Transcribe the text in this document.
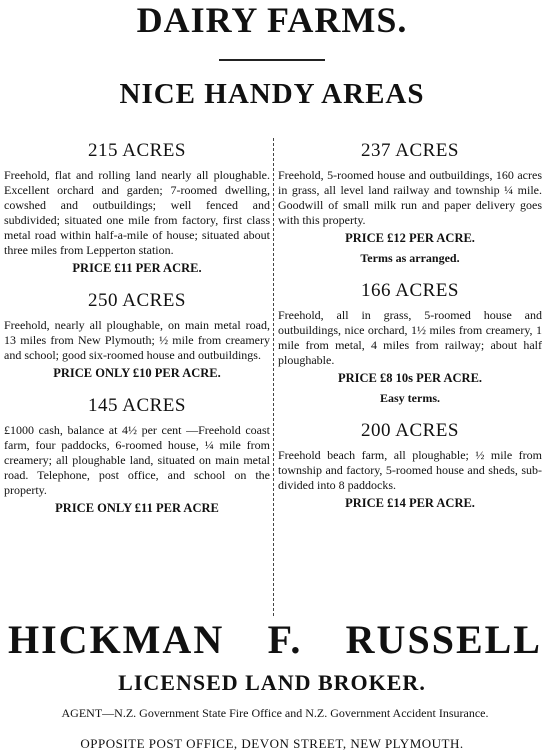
DAIRY FARMS.
NICE HANDY AREAS
215 ACRES
Freehold, flat and rolling land nearly all ploughable. Excellent orchard and garden; 7-roomed dwelling, cowshed and outbuildings; well fenced and subdivided; situated one mile from factory, first class metal road within half-a-mile of house; situated about three miles from Lepperton station.
PRICE £11 PER ACRE.
250 ACRES
Freehold, nearly all ploughable, on main metal road, 13 miles from New Plymouth; ½ mile from creamery and school; good six-roomed house and outbuildings.
PRICE ONLY £10 PER ACRE.
145 ACRES
£1000 cash, balance at 4½ per cent —Freehold coast farm, four paddocks, 6-roomed house, ¼ mile from creamery; all ploughable land, situated on main metal road. Telephone, post office, and school on the property.
PRICE ONLY £11 PER ACRE
237 ACRES
Freehold, 5-roomed house and outbuildings, 160 acres in grass, all level land railway and township ¼ mile. Goodwill of small milk run and paper delivery goes with this property.
PRICE £12 PER ACRE.
Terms as arranged.
166 ACRES
Freehold, all in grass, 5-roomed house and outbuildings, nice orchard, 1½ miles from creamery, 1 mile from metal, 4 miles from railway; about half ploughable.
PRICE £8 10s PER ACRE.
Easy terms.
200 ACRES
Freehold beach farm, all ploughable; ½ mile from township and factory, 5-roomed house and sheds, sub-divided into 8 paddocks.
PRICE £14 PER ACRE.
HICKMAN F. RUSSELL
LICENSED LAND BROKER.
AGENT—N.Z. Government State Fire Office and N.Z. Government Accident Insurance.
OPPOSITE POST OFFICE, DEVON STREET, NEW PLYMOUTH.
